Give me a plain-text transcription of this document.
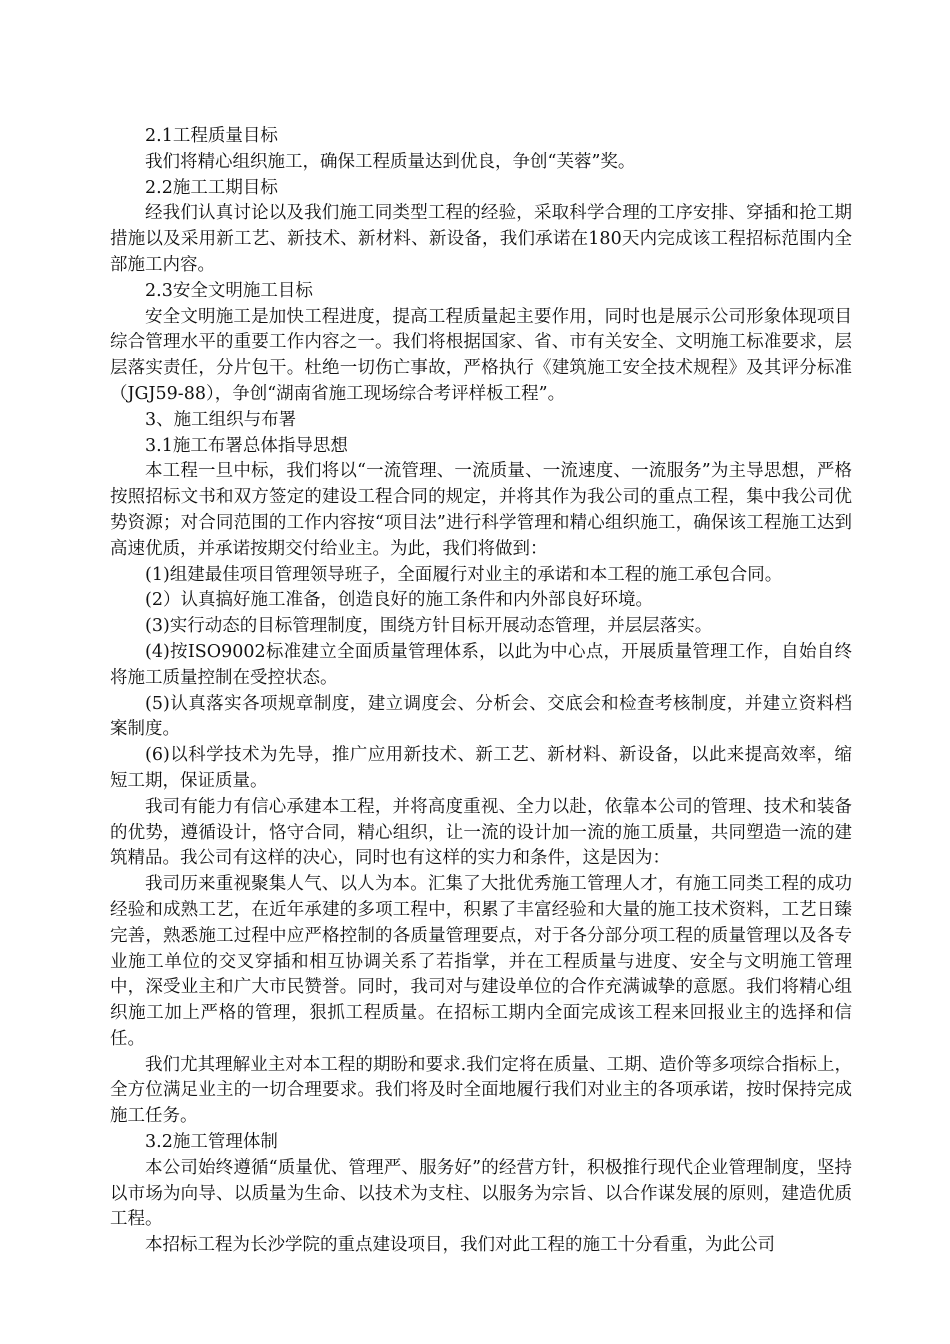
2.1工程质量目标

我们将精心组织施工，确保工程质量达到优良，争创“芙蓉”奖。

2.2施工工期目标

经我们认真讨论以及我们施工同类型工程的经验，采取科学合理的工序安排、穿插和抢工期措施以及采用新工艺、新技术、新材料、新设备，我们承诺在180天内完成该工程招标范围内全部施工内容。

2.3安全文明施工目标

安全文明施工是加快工程进度，提高工程质量起主要作用，同时也是展示公司形象体现项目综合管理水平的重要工作内容之一。我们将根据国家、省、市有关安全、文明施工标准要求，层层落实责任，分片包干。杜绝一切伤亡事故，严格执行《建筑施工安全技术规程》及其评分标准（JGJ59-88），争创“湖南省施工现场综合考评样板工程”。

3、施工组织与布署

3.1施工布署总体指导思想

本工程一旦中标，我们将以“一流管理、一流质量、一流速度、一流服务”为主导思想，严格按照招标文书和双方签定的建设工程合同的规定，并将其作为我公司的重点工程，集中我公司优势资源；对合同范围的工作内容按“项目法”进行科学管理和精心组织施工，确保该工程施工达到高速优质，并承诺按期交付给业主。为此，我们将做到：

(1)组建最佳项目管理领导班子，全面履行对业主的承诺和本工程的施工承包合同。

(2）认真搞好施工准备，创造良好的施工条件和内外部良好环境。

(3)实行动态的目标管理制度，围绕方针目标开展动态管理，并层层落实。

(4)按ISO9002标准建立全面质量管理体系，以此为中心点，开展质量管理工作，自始自终将施工质量控制在受控状态。

(5)认真落实各项规章制度，建立调度会、分析会、交底会和检查考核制度，并建立资料档案制度。

(6)以科学技术为先导，推广应用新技术、新工艺、新材料、新设备，以此来提高效率，缩短工期，保证质量。

我司有能力有信心承建本工程，并将高度重视、全力以赴，依靠本公司的管理、技术和装备的优势，遵循设计，恪守合同，精心组织，让一流的设计加一流的施工质量，共同塑造一流的建筑精品。我公司有这样的决心，同时也有这样的实力和条件，这是因为：

我司历来重视聚集人气、以人为本。汇集了大批优秀施工管理人才，有施工同类工程的成功经验和成熟工艺，在近年承建的多项工程中，积累了丰富经验和大量的施工技术资料，工艺日臻完善，熟悉施工过程中应严格控制的各质量管理要点，对于各分部分项工程的质量管理以及各专业施工单位的交叉穿插和相互协调关系了若指掌，并在工程质量与进度、安全与文明施工管理中，深受业主和广大市民赞誉。同时，我司对与建设单位的合作充满诚挚的意愿。我们将精心组织施工加上严格的管理，狠抓工程质量。在招标工期内全面完成该工程来回报业主的选择和信任。

我们尤其理解业主对本工程的期盼和要求.我们定将在质量、工期、造价等多项综合指标上，全方位满足业主的一切合理要求。我们将及时全面地履行我们对业主的各项承诺，按时保持完成施工任务。

3.2施工管理体制

本公司始终遵循“质量优、管理严、服务好”的经营方针，积极推行现代企业管理制度，坚持以市场为向导、以质量为生命、以技术为支柱、以服务为宗旨、以合作谋发展的原则，建造优质工程。

本招标工程为长沙学院的重点建设项目，我们对此工程的施工十分看重，为此公司
